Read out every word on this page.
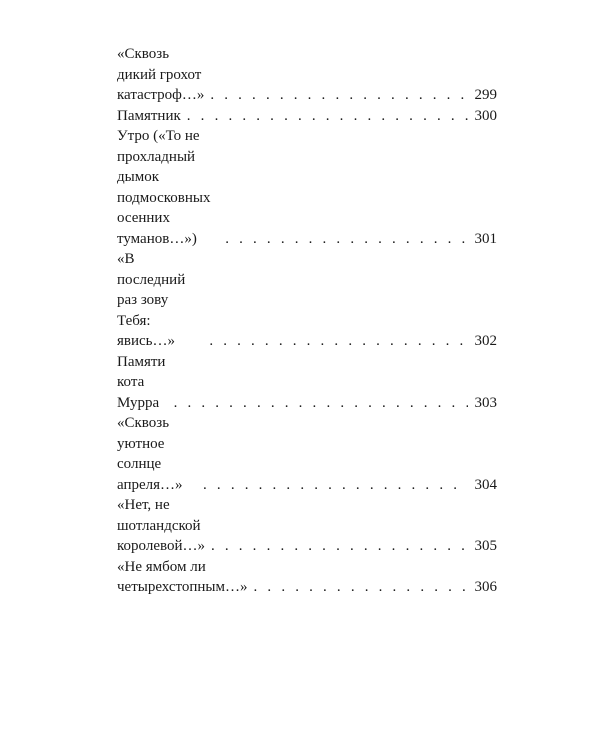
«Сквозь дикий грохот катастроф…» . . .	299
Памятник . . .	300
Утро («То не прохладный дымок подмосковных
осенних туманов…») . . .	301
«В последний раз зову Тебя: явись…» . . .	302
Памяти кота Мурра . . .	303
«Сквозь уютное солнце апреля…» . . .	304
«Нет, не шотландской королевой…» . . .	305
«Не ямбом ли четырехстопным…» . . .	306
